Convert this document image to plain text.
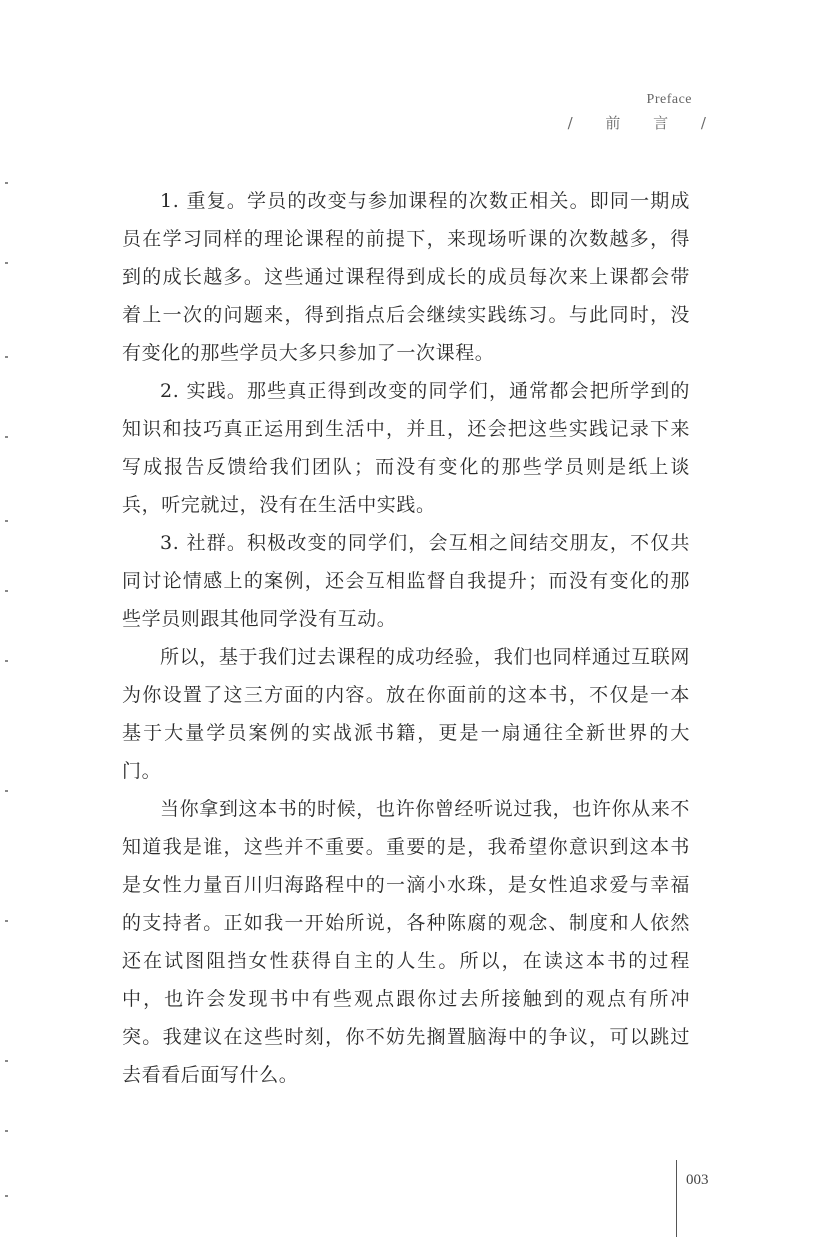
Preface
/ 前 言 /

1. 重复。学员的改变与参加课程的次数正相关。即同一期成员在学习同样的理论课程的前提下，来现场听课的次数越多，得到的成长越多。这些通过课程得到成长的成员每次来上课都会带着上一次的问题来，得到指点后会继续实践练习。与此同时，没有变化的那些学员大多只参加了一次课程。

2. 实践。那些真正得到改变的同学们，通常都会把所学到的知识和技巧真正运用到生活中，并且，还会把这些实践记录下来写成报告反馈给我们团队；而没有变化的那些学员则是纸上谈兵，听完就过，没有在生活中实践。

3. 社群。积极改变的同学们，会互相之间结交朋友，不仅共同讨论情感上的案例，还会互相监督自我提升；而没有变化的那些学员则跟其他同学没有互动。

所以，基于我们过去课程的成功经验，我们也同样通过互联网为你设置了这三方面的内容。放在你面前的这本书，不仅是一本基于大量学员案例的实战派书籍，更是一扇通往全新世界的大门。

当你拿到这本书的时候，也许你曾经听说过我，也许你从来不知道我是谁，这些并不重要。重要的是，我希望你意识到这本书是女性力量百川归海路程中的一滴小水珠，是女性追求爱与幸福的支持者。正如我一开始所说，各种陈腐的观念、制度和人依然还在试图阻挡女性获得自主的人生。所以，在读这本书的过程中，也许会发现书中有些观点跟你过去所接触到的观点有所冲突。我建议在这些时刻，你不妨先搁置脑海中的争议，可以跳过去看看后面写什么。

003
